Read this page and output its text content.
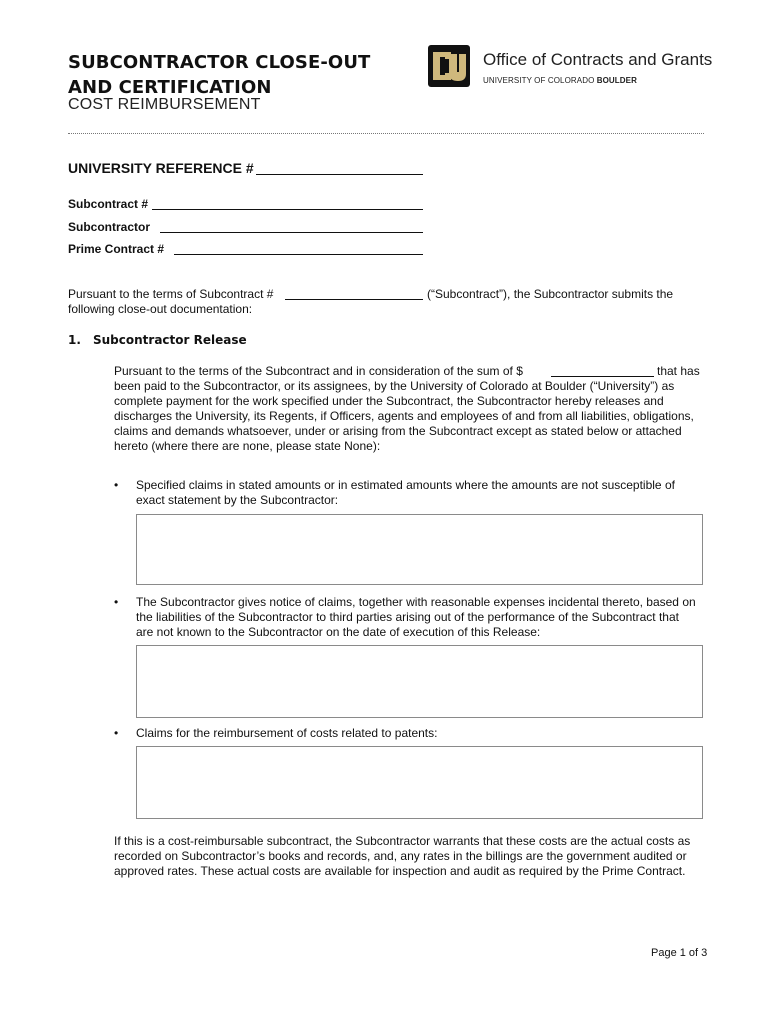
SUBCONTRACTOR CLOSE-OUT
AND CERTIFICATION
COST REIMBURSEMENT
Office of Contracts and Grants
UNIVERSITY OF COLORADO BOULDER
UNIVERSITY REFERENCE #
Subcontract #
Subcontractor
Prime Contract #
Pursuant to the terms of Subcontract #	(“Subcontract”), the Subcontractor submits the
following close-out documentation:
1. Subcontractor Release
Pursuant to the terms of the Subcontract and in consideration of the sum of $	that has
been paid to the Subcontractor, or its assignees, by the University of Colorado at Boulder (“University”) as complete payment for the work specified under the Subcontract, the Subcontractor hereby releases and discharges the University, its Regents, if Officers, agents and employees of and from all liabilities, obligations, claims and demands whatsoever, under or arising from the Subcontract except as stated below or attached hereto (where there are none, please state None):
• Specified claims in stated amounts or in estimated amounts where the amounts are not susceptible of exact statement by the Subcontractor:
• The Subcontractor gives notice of claims, together with reasonable expenses incidental thereto, based on the liabilities of the Subcontractor to third parties arising out of the performance of the Subcontract that are not known to the Subcontractor on the date of execution of this Release:
• Claims for the reimbursement of costs related to patents:
If this is a cost-reimbursable subcontract, the Subcontractor warrants that these costs are the actual costs as recorded on Subcontractor’s books and records, and, any rates in the billings are the government audited or approved rates. These actual costs are available for inspection and audit as required by the Prime Contract.
Page 1 of 3
